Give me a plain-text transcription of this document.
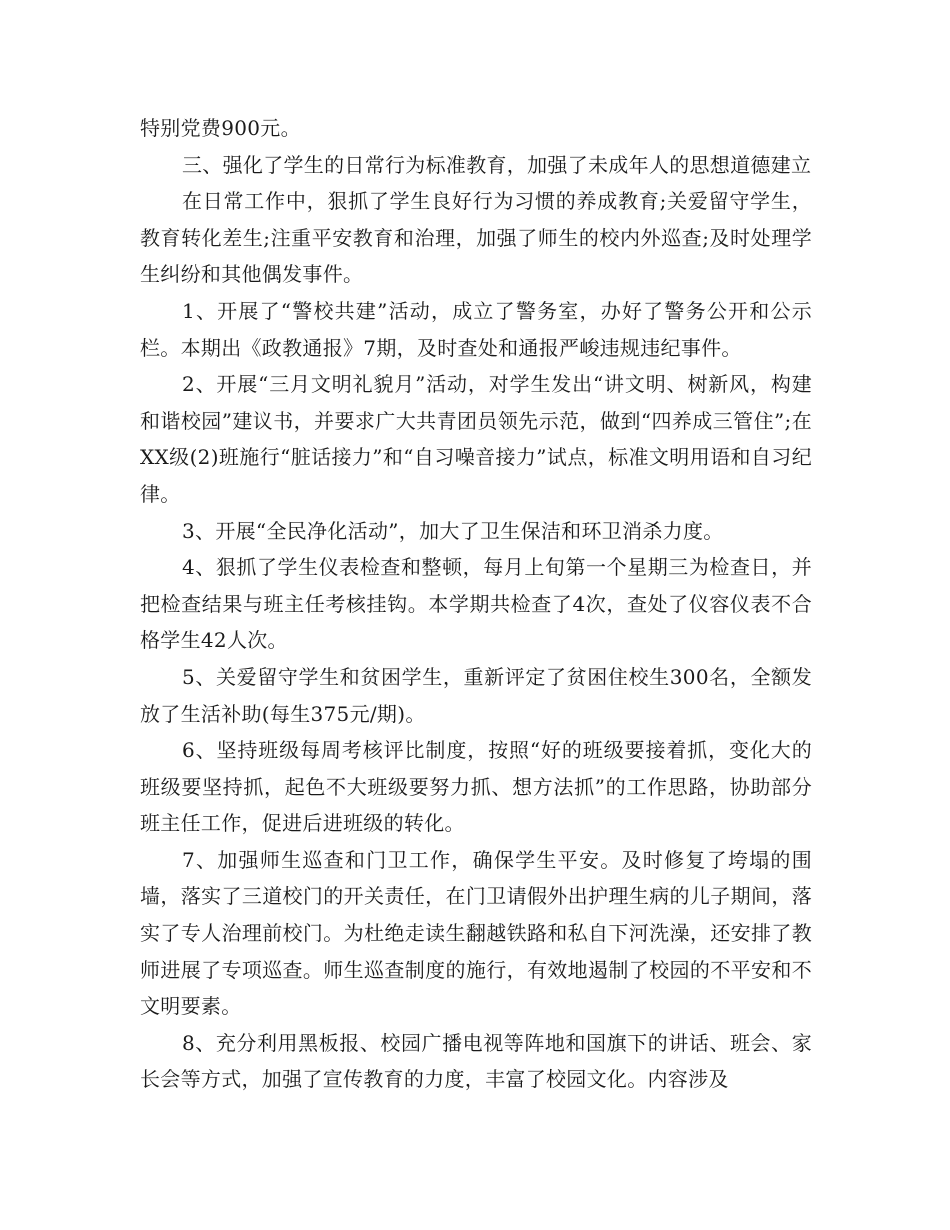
特别党费900元。

三、强化了学生的日常行为标准教育，加强了未成年人的思想道德建立

在日常工作中，狠抓了学生良好行为习惯的养成教育;关爱留守学生，教育转化差生;注重平安教育和治理，加强了师生的校内外巡查;及时处理学生纠纷和其他偶发事件。

1、开展了“警校共建”活动，成立了警务室，办好了警务公开和公示栏。本期出《政教通报》7期，及时查处和通报严峻违规违纪事件。

2、开展“三月文明礼貌月”活动，对学生发出“讲文明、树新风，构建和谐校园”建议书，并要求广大共青团员领先示范，做到“四养成三管住”;在XX级(2)班施行“脏话接力”和“自习噪音接力”试点，标准文明用语和自习纪律。

3、开展“全民净化活动”，加大了卫生保洁和环卫消杀力度。

4、狠抓了学生仪表检查和整顿，每月上旬第一个星期三为检查日，并把检查结果与班主任考核挂钩。本学期共检查了4次，查处了仪容仪表不合格学生42人次。

5、关爱留守学生和贫困学生，重新评定了贫困住校生300名，全额发放了生活补助(每生375元/期)。

6、坚持班级每周考核评比制度，按照“好的班级要接着抓，变化大的班级要坚持抓，起色不大班级要努力抓、想方法抓”的工作思路，协助部分班主任工作，促进后进班级的转化。

7、加强师生巡查和门卫工作，确保学生平安。及时修复了垮塌的围墙，落实了三道校门的开关责任，在门卫请假外出护理生病的儿子期间，落实了专人治理前校门。为杜绝走读生翻越铁路和私自下河洗澡，还安排了教师进展了专项巡查。师生巡查制度的施行，有效地遏制了校园的不平安和不文明要素。

8、充分利用黑板报、校园广播电视等阵地和国旗下的讲话、班会、家长会等方式，加强了宣传教育的力度，丰富了校园文化。内容涉及
